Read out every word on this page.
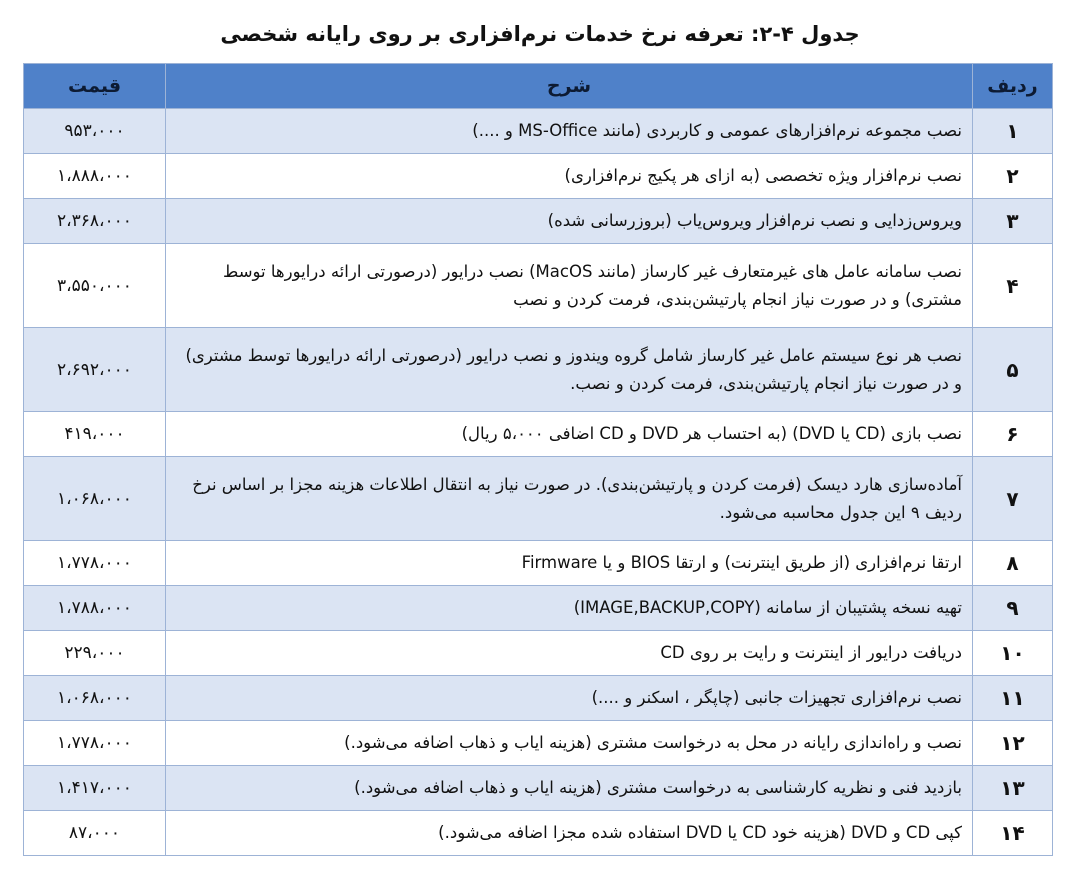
جدول ۴-۲: تعرفه نرخ خدمات نرم‌افزاری بر روی رایانه شخصی
ردیف	شرح	قیمت
۱	نصب مجموعه نرم‌افزارهای عمومی و کاربردی (مانند MS-Office و ....)	۹۵۳،۰۰۰
۲	نصب نرم‌افزار ویژه تخصصی (به ازای هر پکیج نرم‌افزاری)	۱،۸۸۸،۰۰۰
۳	ویروس‌زدایی و نصب نرم‌افزار ویروس‌یاب (بروزرسانی شده)	۲،۳۶۸،۰۰۰
۴	نصب سامانه عامل های غیرمتعارف غیر کارساز (مانند MacOS) نصب درایور (درصورتی ارائه درایورها توسط مشتری) و در صورت نیاز انجام پارتیشن‌بندی، فرمت کردن و نصب	۳،۵۵۰،۰۰۰
۵	نصب هر نوع سیستم عامل غیر کارساز شامل گروه ویندوز و نصب درایور (درصورتی ارائه درایورها توسط مشتری) و در صورت نیاز انجام پارتیشن‌بندی، فرمت کردن و نصب.	۲،۶۹۲،۰۰۰
۶	نصب بازی (CD یا DVD) (به احتساب هر DVD و CD اضافی ۵،۰۰۰ ریال)	۴۱۹،۰۰۰
۷	آماده‌سازی هارد دیسک (فرمت کردن و پارتیشن‌بندی). در صورت نیاز به انتقال اطلاعات هزینه مجزا بر اساس نرخ ردیف ۹ این جدول محاسبه می‌شود.	۱،۰۶۸،۰۰۰
۸	ارتقا نرم‌افزاری (از طریق اینترنت) و ارتقا BIOS و یا Firmware	۱،۷۷۸،۰۰۰
۹	تهیه نسخه پشتیبان از سامانه (IMAGE,BACKUP,COPY)	۱،۷۸۸،۰۰۰
۱۰	دریافت درایور از اینترنت و رایت بر روی CD	۲۲۹،۰۰۰
۱۱	نصب نرم‌افزاری تجهیزات جانبی (چاپگر ، اسکنر و ....)	۱،۰۶۸،۰۰۰
۱۲	نصب و راه‌اندازی رایانه در محل به درخواست مشتری (هزینه ایاب و ذهاب اضافه می‌شود.)	۱،۷۷۸،۰۰۰
۱۳	بازدید فنی و نظریه کارشناسی به درخواست مشتری (هزینه ایاب و ذهاب اضافه می‌شود.)	۱،۴۱۷،۰۰۰
۱۴	کپی CD و DVD (هزینه خود CD یا DVD استفاده شده مجزا اضافه می‌شود.)	۸۷،۰۰۰
